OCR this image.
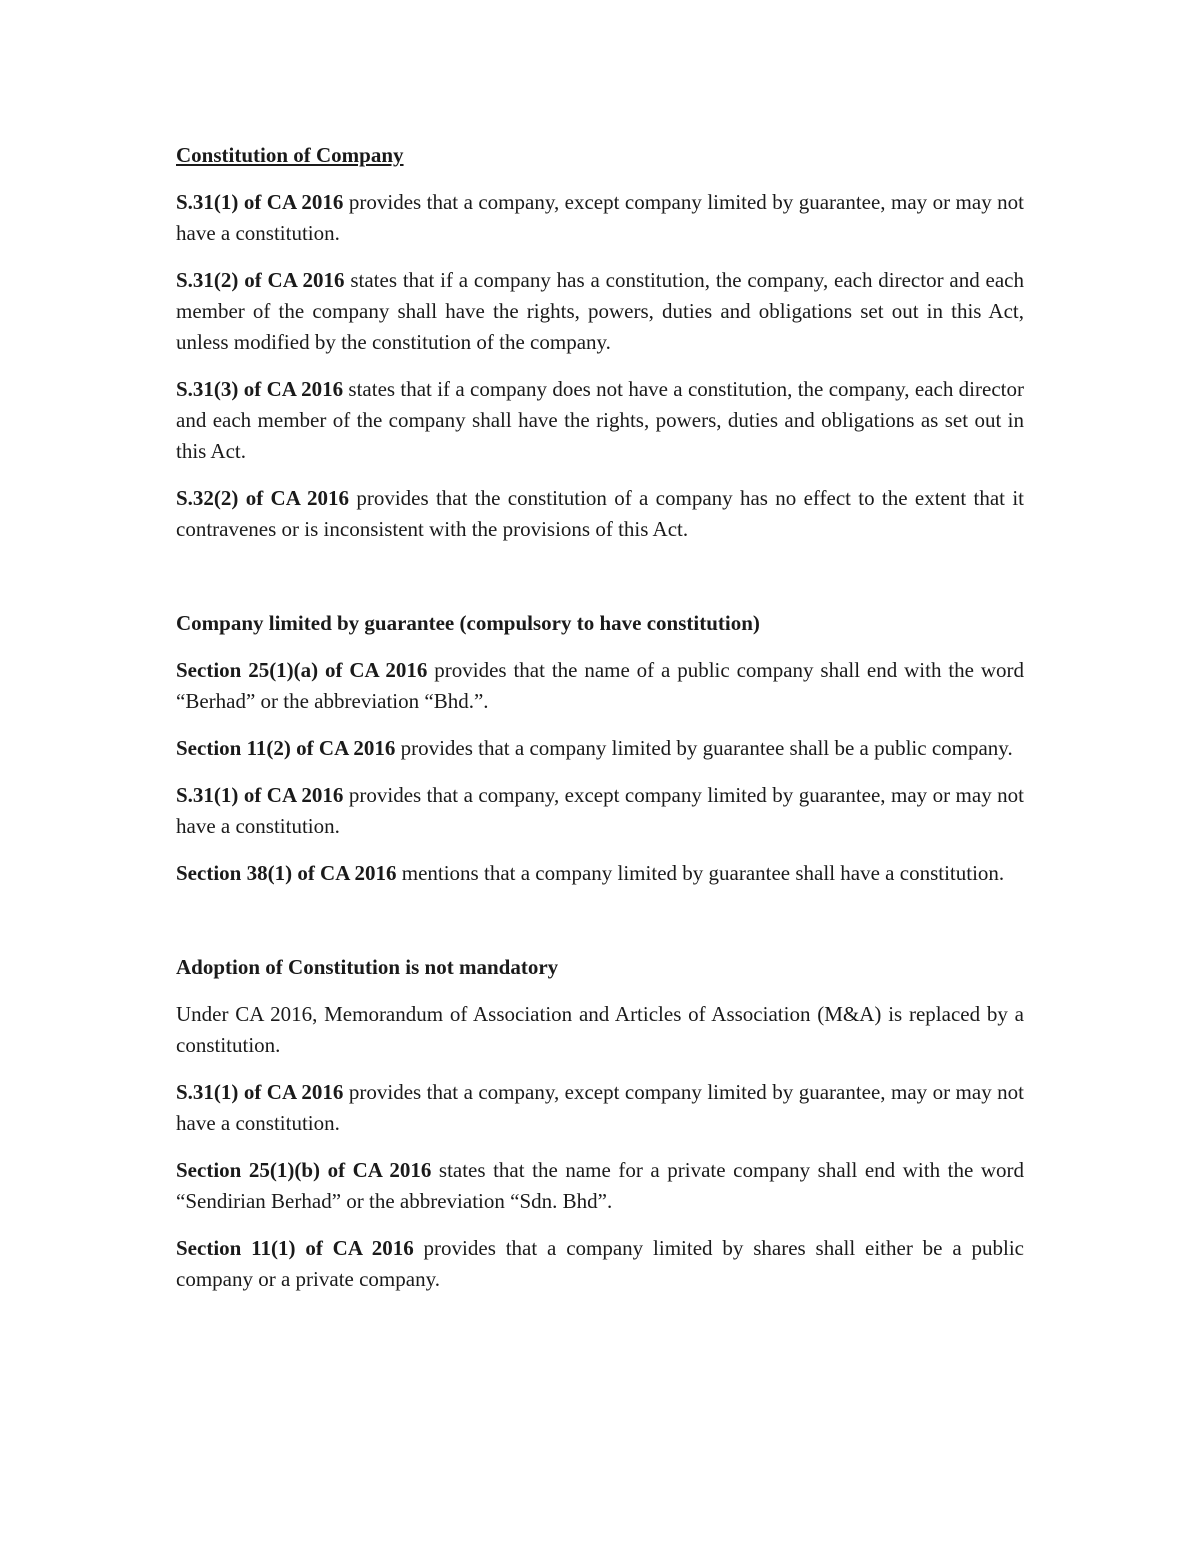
Constitution of Company

S.31(1) of CA 2016 provides that a company, except company limited by guarantee, may or may not have a constitution.

S.31(2) of CA 2016 states that if a company has a constitution, the company, each director and each member of the company shall have the rights, powers, duties and obligations set out in this Act, unless modified by the constitution of the company.

S.31(3) of CA 2016 states that if a company does not have a constitution, the company, each director and each member of the company shall have the rights, powers, duties and obligations as set out in this Act.

S.32(2) of CA 2016 provides that the constitution of a company has no effect to the extent that it contravenes or is inconsistent with the provisions of this Act.

Company limited by guarantee (compulsory to have constitution)

Section 25(1)(a) of CA 2016 provides that the name of a public company shall end with the word “Berhad” or the abbreviation “Bhd.”.

Section 11(2) of CA 2016 provides that a company limited by guarantee shall be a public company.

S.31(1) of CA 2016 provides that a company, except company limited by guarantee, may or may not have a constitution.

Section 38(1) of CA 2016 mentions that a company limited by guarantee shall have a constitution.

Adoption of Constitution is not mandatory

Under CA 2016, Memorandum of Association and Articles of Association (M&A) is replaced by a constitution.

S.31(1) of CA 2016 provides that a company, except company limited by guarantee, may or may not have a constitution.

Section 25(1)(b) of CA 2016 states that the name for a private company shall end with the word “Sendirian Berhad” or the abbreviation “Sdn. Bhd”.

Section 11(1) of CA 2016 provides that a company limited by shares shall either be a public company or a private company.
